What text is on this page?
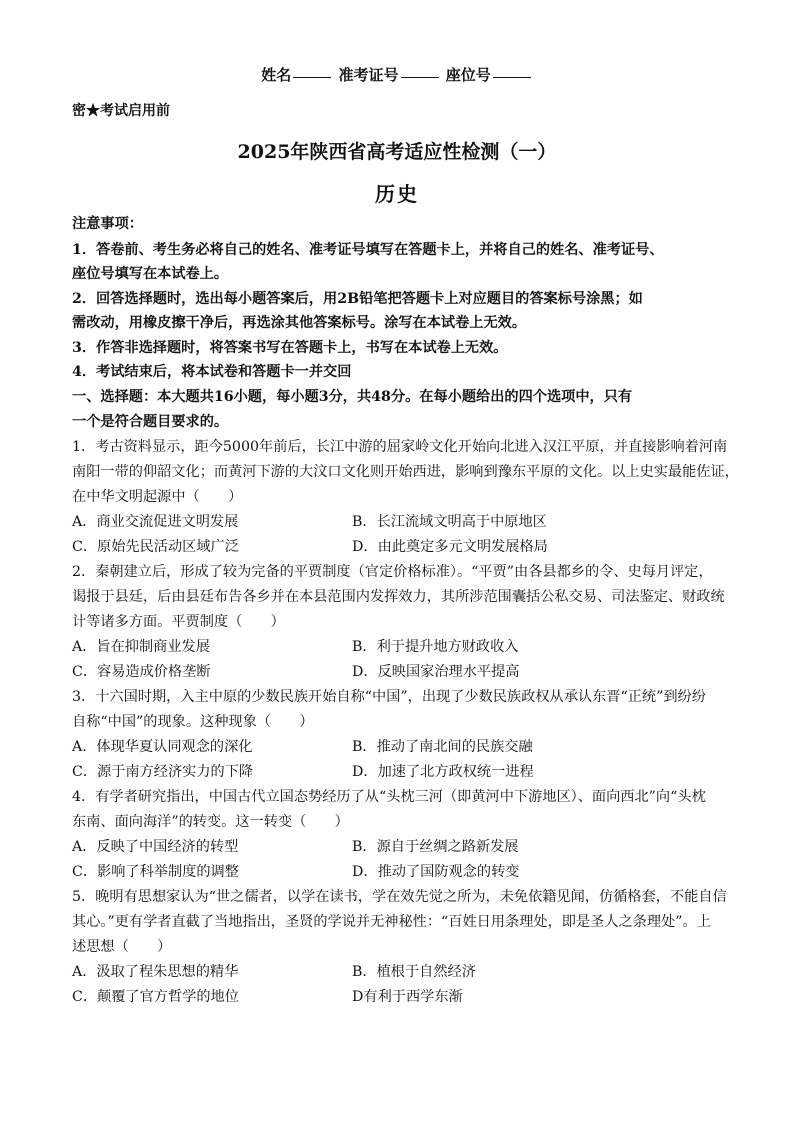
姓名	准考证号	座位号
密★考试启用前
2025年陕西省高考适应性检测（一）
历史
注意事项：
1．答卷前、考生务必将自己的姓名、准考证号填写在答题卡上，并将自己的姓名、准考证号、
座位号填写在本试卷上。
2．回答选择题时，选出每小题答案后，用2B铅笔把答题卡上对应题目的答案标号涂黑；如
需改动，用橡皮擦干净后，再选涂其他答案标号。涂写在本试卷上无效。
3．作答非选择题时，将答案书写在答题卡上，书写在本试卷上无效。
4．考试结束后，将本试卷和答题卡一并交回
一、选择题：本大题共16小题，每小题3分，共48分。在每小题给出的四个选项中，只有
一个是符合题目要求的。
1．考古资料显示，距今5000年前后，长江中游的屈家岭文化开始向北进入汉江平原，并直接影响着河南
南阳一带的仰韶文化；而黄河下游的大汶口文化则开始西进，影响到豫东平原的文化。以上史实最能佐证，
在中华文明起源中（　　）
A．商业交流促进文明发展	B．长江流域文明高于中原地区
C．原始先民活动区域广泛	D．由此奠定多元文明发展格局
2．秦朝建立后，形成了较为完备的平贾制度（官定价格标准）。“平贾”由各县都乡的令、史每月评定，
谒报于县廷，后由县廷布告各乡并在本县范围内发挥效力，其所涉范围囊括公私交易、司法鉴定、财政统
计等诸多方面。平贾制度（　　）
A．旨在抑制商业发展	B．利于提升地方财政收入
C．容易造成价格垄断	D．反映国家治理水平提高
3．十六国时期，入主中原的少数民族开始自称“中国”，出现了少数民族政权从承认东晋“正统”到纷纷
自称“中国”的现象。这种现象（　　）
A．体现华夏认同观念的深化	B．推动了南北间的民族交融
C．源于南方经济实力的下降	D．加速了北方政权统一进程
4．有学者研究指出，中国古代立国态势经历了从“头枕三河（即黄河中下游地区）、面向西北”向“头枕
东南、面向海洋”的转变。这一转变（　　）
A．反映了中国经济的转型	B．源自于丝绸之路新发展
C．影响了科举制度的调整	D．推动了国防观念的转变
5．晚明有思想家认为“世之儒者，以学在读书，学在效先觉之所为，未免依籍见闻，仿循格套，不能自信
其心。”更有学者直截了当地指出，圣贤的学说并无神秘性：“百姓日用条理处，即是圣人之条理处”。上
述思想（　　）
A．汲取了程朱思想的精华	B．植根于自然经济
C．颠覆了官方哲学的地位	D有利于西学东渐
